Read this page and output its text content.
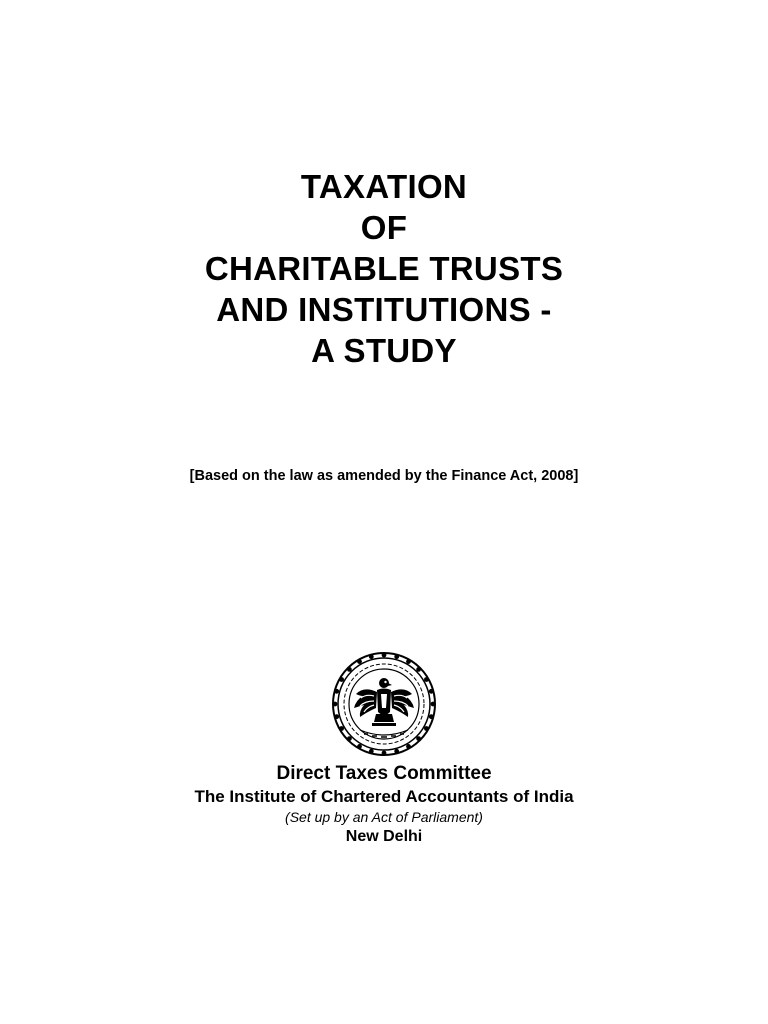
TAXATION
OF
CHARITABLE TRUSTS
AND INSTITUTIONS -
A STUDY
[Based on the law as amended by the Finance Act, 2008]
Direct Taxes Committee
The Institute of Chartered Accountants of India
(Set up by an Act of Parliament)
New Delhi
